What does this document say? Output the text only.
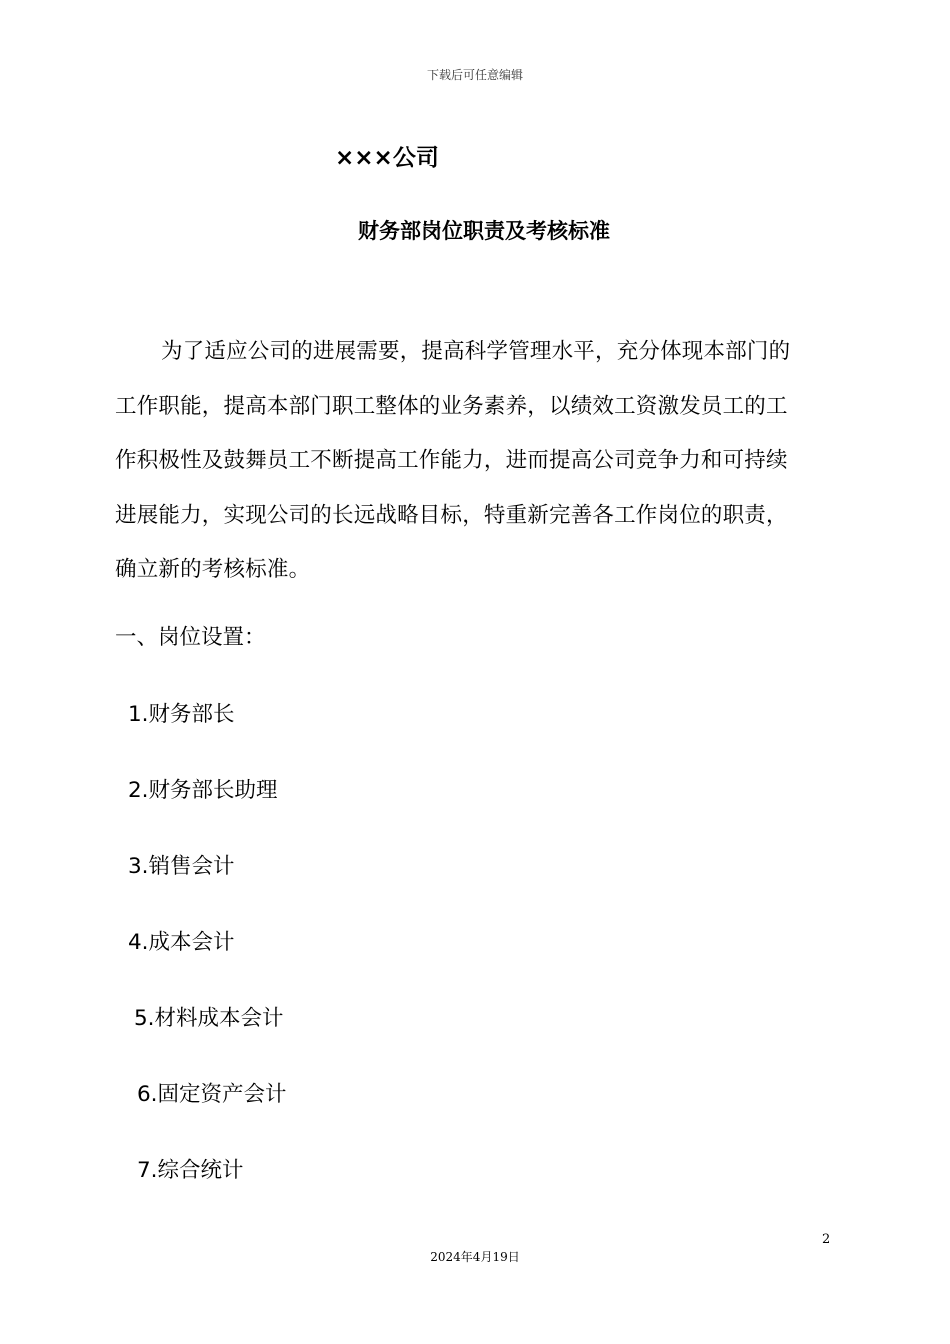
下载后可任意编辑
×××公司
财务部岗位职责及考核标准
为了适应公司的进展需要，提高科学管理水平，充分体现本部门的
工作职能，提高本部门职工整体的业务素养，以绩效工资激发员工的工
作积极性及鼓舞员工不断提高工作能力，进而提高公司竞争力和可持续
进展能力，实现公司的长远战略目标，特重新完善各工作岗位的职责，
确立新的考核标准。
一、岗位设置：
1.财务部长
2.财务部长助理
3.销售会计
4.成本会计
5.材料成本会计
6.固定资产会计
7.综合统计
2
2024年4月19日
